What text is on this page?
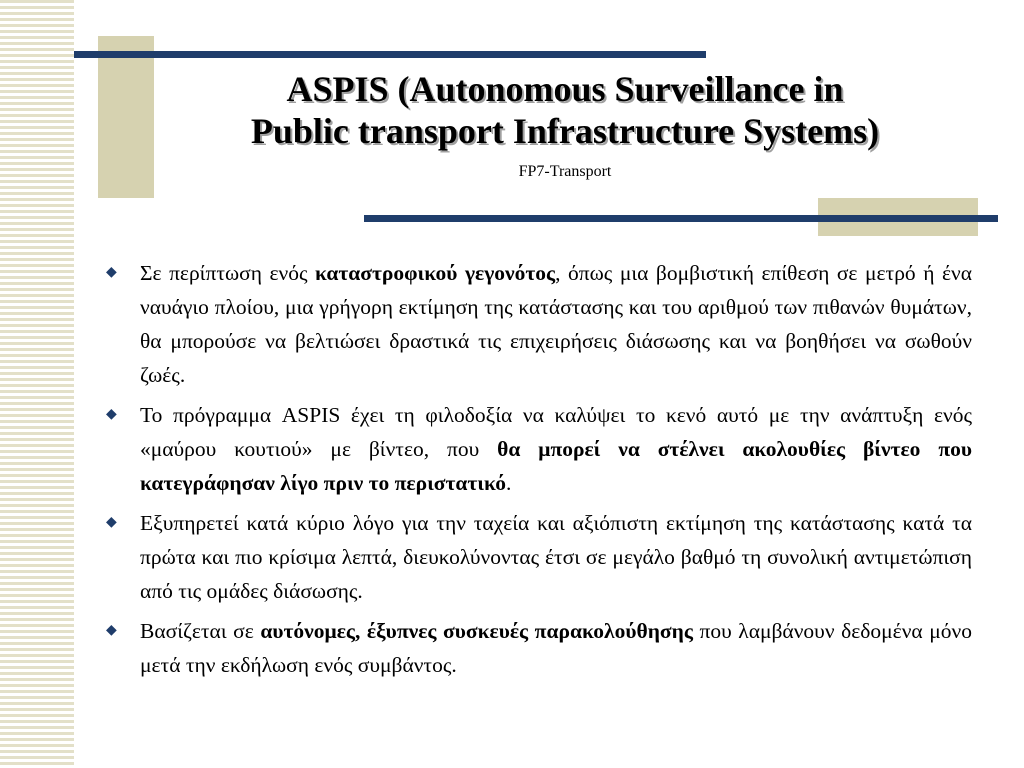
ASPIS (Autonomous Surveillance in
Public transport Infrastructure Systems)
FP7-Transport
◆ Σε περίπτωση ενός καταστροφικού γεγονότος, όπως μια βομβιστική επίθεση σε μετρό ή ένα ναυάγιο πλοίου, μια γρήγορη εκτίμηση της κατάστασης και του αριθμού των πιθανών θυμάτων, θα μπορούσε να βελτιώσει δραστικά τις επιχειρήσεις διάσωσης και να βοηθήσει να σωθούν ζωές.
◆ Το πρόγραμμα ASPIS έχει τη φιλοδοξία να καλύψει το κενό αυτό με την ανάπτυξη ενός «μαύρου κουτιού» με βίντεο, που θα μπορεί να στέλνει ακολουθίες βίντεο που κατεγράφησαν λίγο πριν το περιστατικό.
◆ Εξυπηρετεί κατά κύριο λόγο για την ταχεία και αξιόπιστη εκτίμηση της κατάστασης κατά τα πρώτα και πιο κρίσιμα λεπτά, διευκολύνοντας έτσι σε μεγάλο βαθμό τη συνολική αντιμετώπιση από τις ομάδες διάσωσης.
◆ Βασίζεται σε αυτόνομες, έξυπνες συσκευές παρακολούθησης που λαμβάνουν δεδομένα μόνο μετά την εκδήλωση ενός συμβάντος.
